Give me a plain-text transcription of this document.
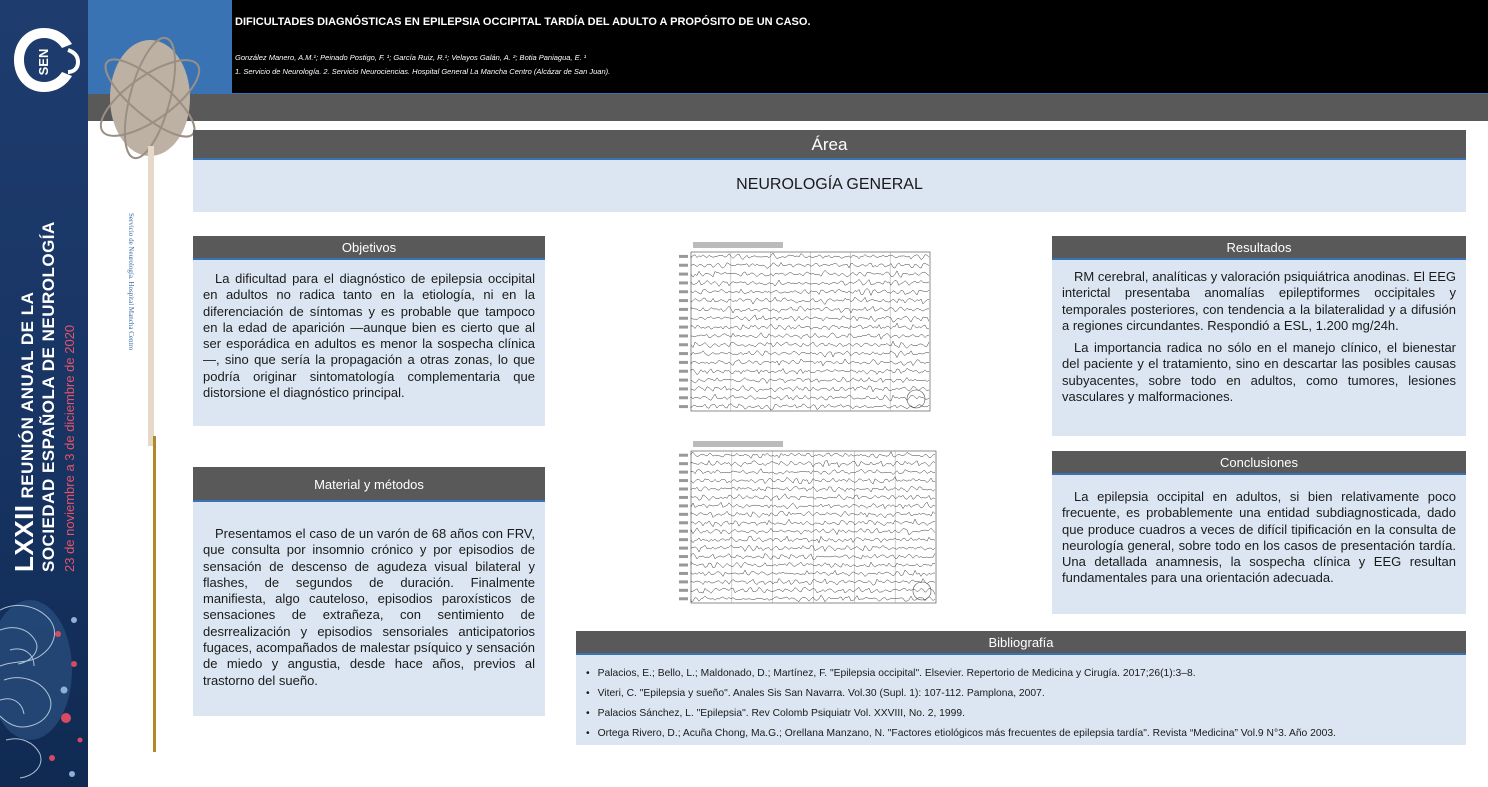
SEN
LXXIIREUNIÓN ANUAL DE LA SOCIEDAD ESPAÑOLA DE NEUROLOGÍA 23 de noviembre a 3 de diciembre de 2020
DIFICULTADES DIAGNÓSTICAS EN EPILEPSIA OCCIPITAL TARDÍA DEL ADULTO A PROPÓSITO DE UN CASO.
González Manero, A.M.¹; Peinado Postigo, F. ¹; García Ruiz, R.¹; Velayos Galán, A. ²; Botia Paniagua, E. ¹
1. Servicio de Neurología. 2. Servicio Neurociencias. Hospital General La Mancha Centro (Alcázar de San Juan).
Servicio de Neurología. Hospital Mancha Centro
Área
NEUROLOGÍA GENERAL
Objetivos

La dificultad para el diagnóstico de epilepsia occipital en adultos no radica tanto en la etiología, ni en la diferenciación de síntomas y es probable que tampoco en la edad de aparición —aunque bien es cierto que al ser esporádica en adultos es menor la sospecha clínica—, sino que sería la propagación a otras zonas, lo que podría originar sintomatología complementaria que distorsione el diagnóstico principal.

Material y métodos

Presentamos el caso de un varón de 68 años con FRV, que consulta por insomnio crónico y por episodios de sensación de descenso de agudeza visual bilateral y flashes, de segundos de duración. Finalmente manifiesta, algo cauteloso, episodios paroxísticos de sensaciones de extrañeza, con sentimiento de desrrealización y episodios sensoriales anticipatorios fugaces, acompañados de malestar psíquico y sensación de miedo y angustia, desde hace años, previos al trastorno del sueño.

Resultados

RM cerebral, analíticas y valoración psiquiátrica anodinas. El EEG interictal presentaba anomalías epileptiformes occipitales y temporales posteriores, con tendencia a la bilateralidad y a difusión a regiones circundantes. Respondió a ESL, 1.200 mg/24h.

La importancia radica no sólo en el manejo clínico, el bienestar del paciente y el tratamiento, sino en descartar las posibles causas subyacentes, sobre todo en adultos, como tumores, lesiones vasculares y malformaciones.

Conclusiones

La epilepsia occipital en adultos, si bien relativamente poco frecuente, es probablemente una entidad subdiagnosticada, dado que produce cuadros a veces de difícil tipificación en la consulta de neurología general, sobre todo en los casos de presentación tardía. Una detallada anamnesis, la sospecha clínica y EEG resultan fundamentales para una orientación adecuada.

Bibliografía
• Palacios, E.; Bello, L.; Maldonado, D.; Martínez, F. "Epilepsia occipital". Elsevier. Repertorio de Medicina y Cirugía. 2017;26(1):3–8.
• Viteri, C. "Epilepsia y sueño". Anales Sis San Navarra. Vol.30 (Supl. 1): 107-112. Pamplona, 2007.
• Palacios Sánchez, L. "Epilepsia". Rev Colomb Psiquiatr Vol. XXVIII, No. 2, 1999.
• Ortega Rivero, D.; Acuña Chong, Ma.G.; Orellana Manzano, N. "Factores etiológicos más frecuentes de epilepsia tardía". Revista “Medicina” Vol.9 N°3. Año 2003.
